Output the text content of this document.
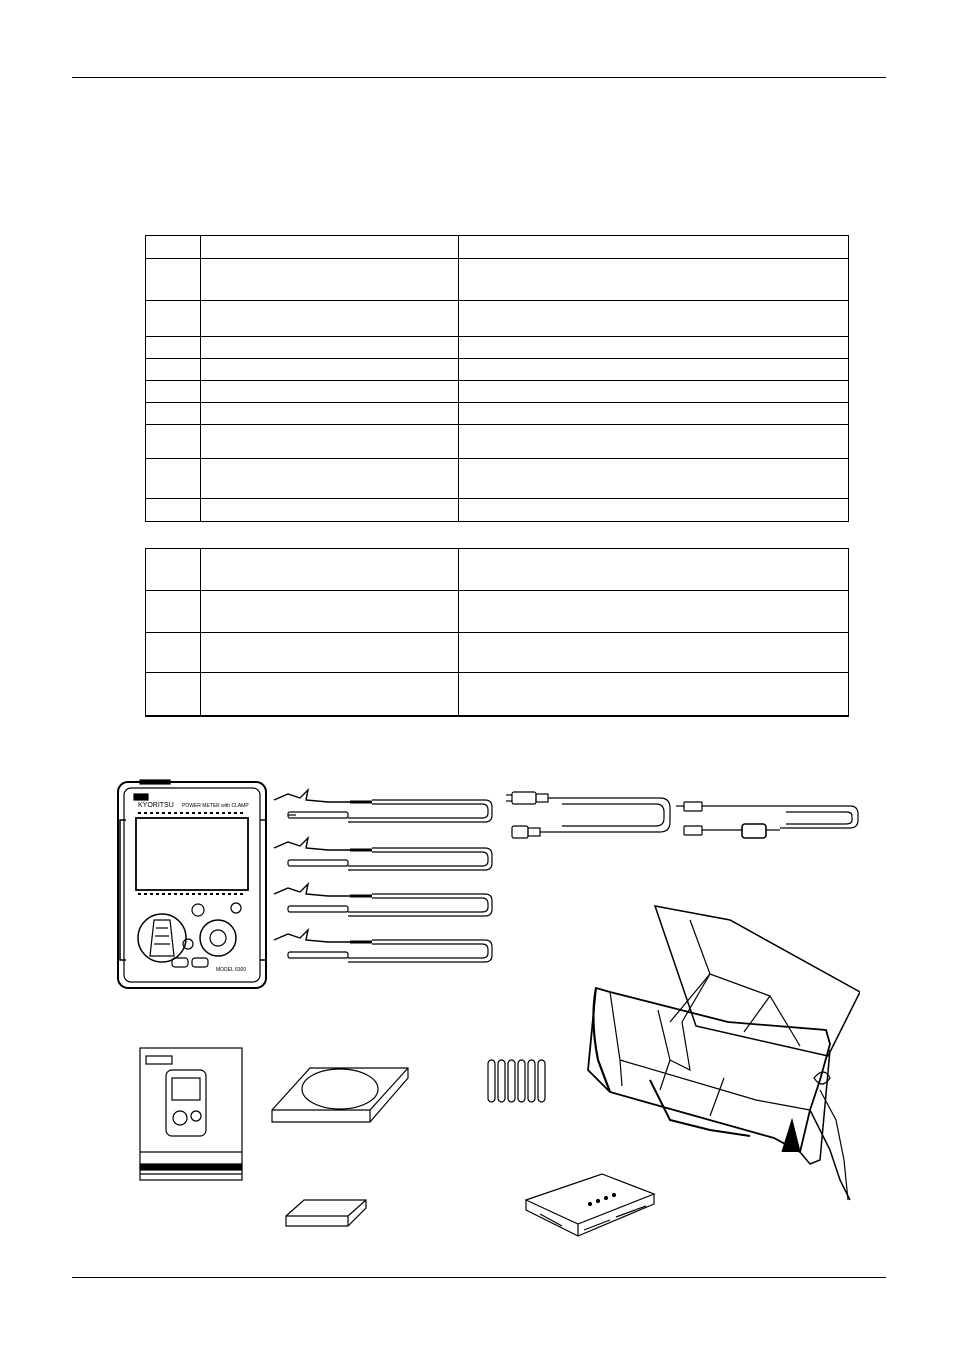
KYORITSU POWER METER with CLAMP
MODEL 6300
